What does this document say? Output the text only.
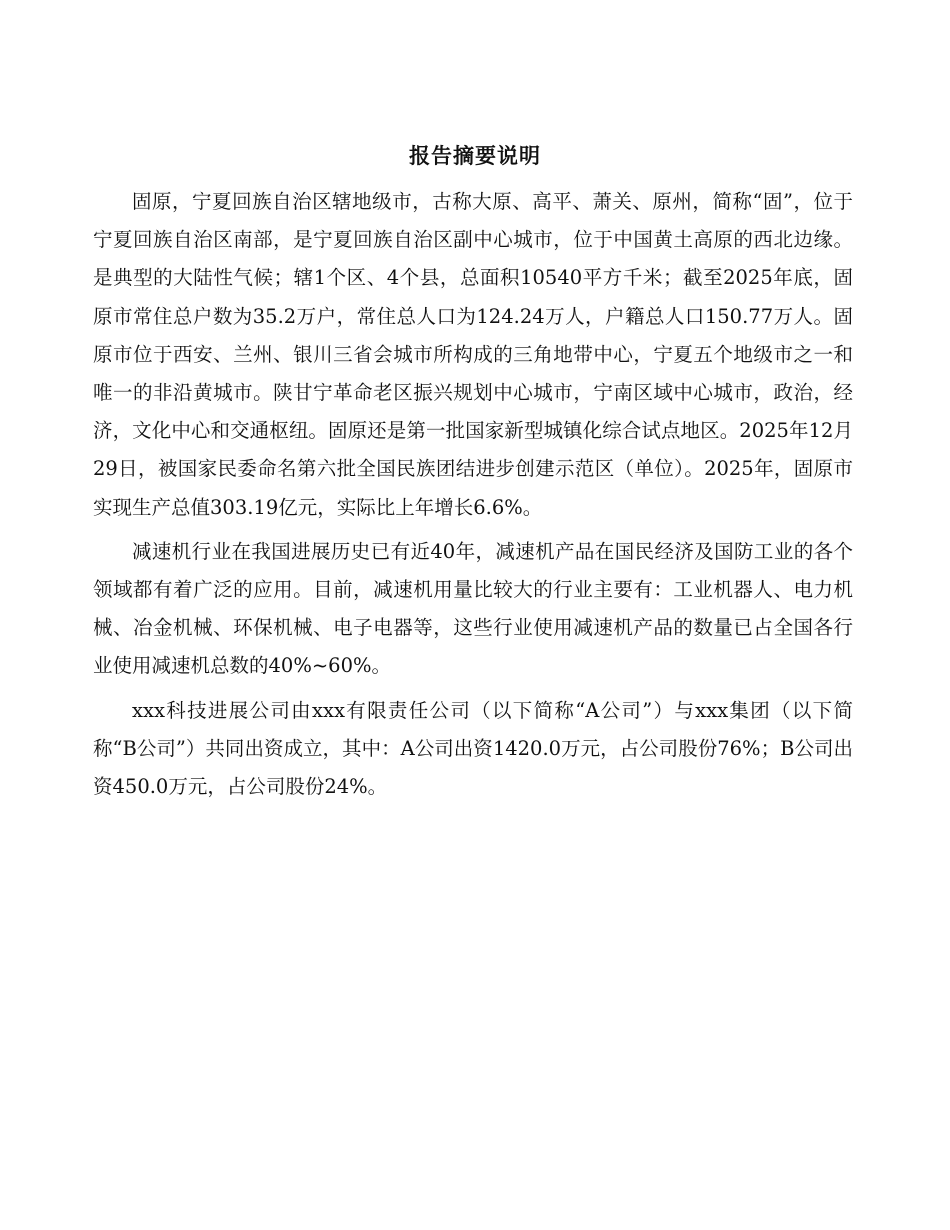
报告摘要说明

固原，宁夏回族自治区辖地级市，古称大原、高平、萧关、原州，简称“固”，位于宁夏回族自治区南部，是宁夏回族自治区副中心城市，位于中国黄土高原的西北边缘。是典型的大陆性气候；辖1个区、4个县，总面积10540平方千米；截至2025年底，固原市常住总户数为35.2万户，常住总人口为124.24万人，户籍总人口150.77万人。固原市位于西安、兰州、银川三省会城市所构成的三角地带中心，宁夏五个地级市之一和唯一的非沿黄城市。陕甘宁革命老区振兴规划中心城市，宁南区域中心城市，政治，经济，文化中心和交通枢纽。固原还是第一批国家新型城镇化综合试点地区。2025年12月29日，被国家民委命名第六批全国民族团结进步创建示范区（单位）。2025年，固原市实现生产总值303.19亿元，实际比上年增长6.6%。

减速机行业在我国进展历史已有近40年，减速机产品在国民经济及国防工业的各个领域都有着广泛的应用。目前，减速机用量比较大的行业主要有：工业机器人、电力机械、冶金机械、环保机械、电子电器等，这些行业使用减速机产品的数量已占全国各行业使用减速机总数的40%~60%。

xxx科技进展公司由xxx有限责任公司（以下简称“A公司”）与xxx集团（以下简称“B公司”）共同出资成立，其中：A公司出资1420.0万元，占公司股份76%；B公司出资450.0万元，占公司股份24%。
